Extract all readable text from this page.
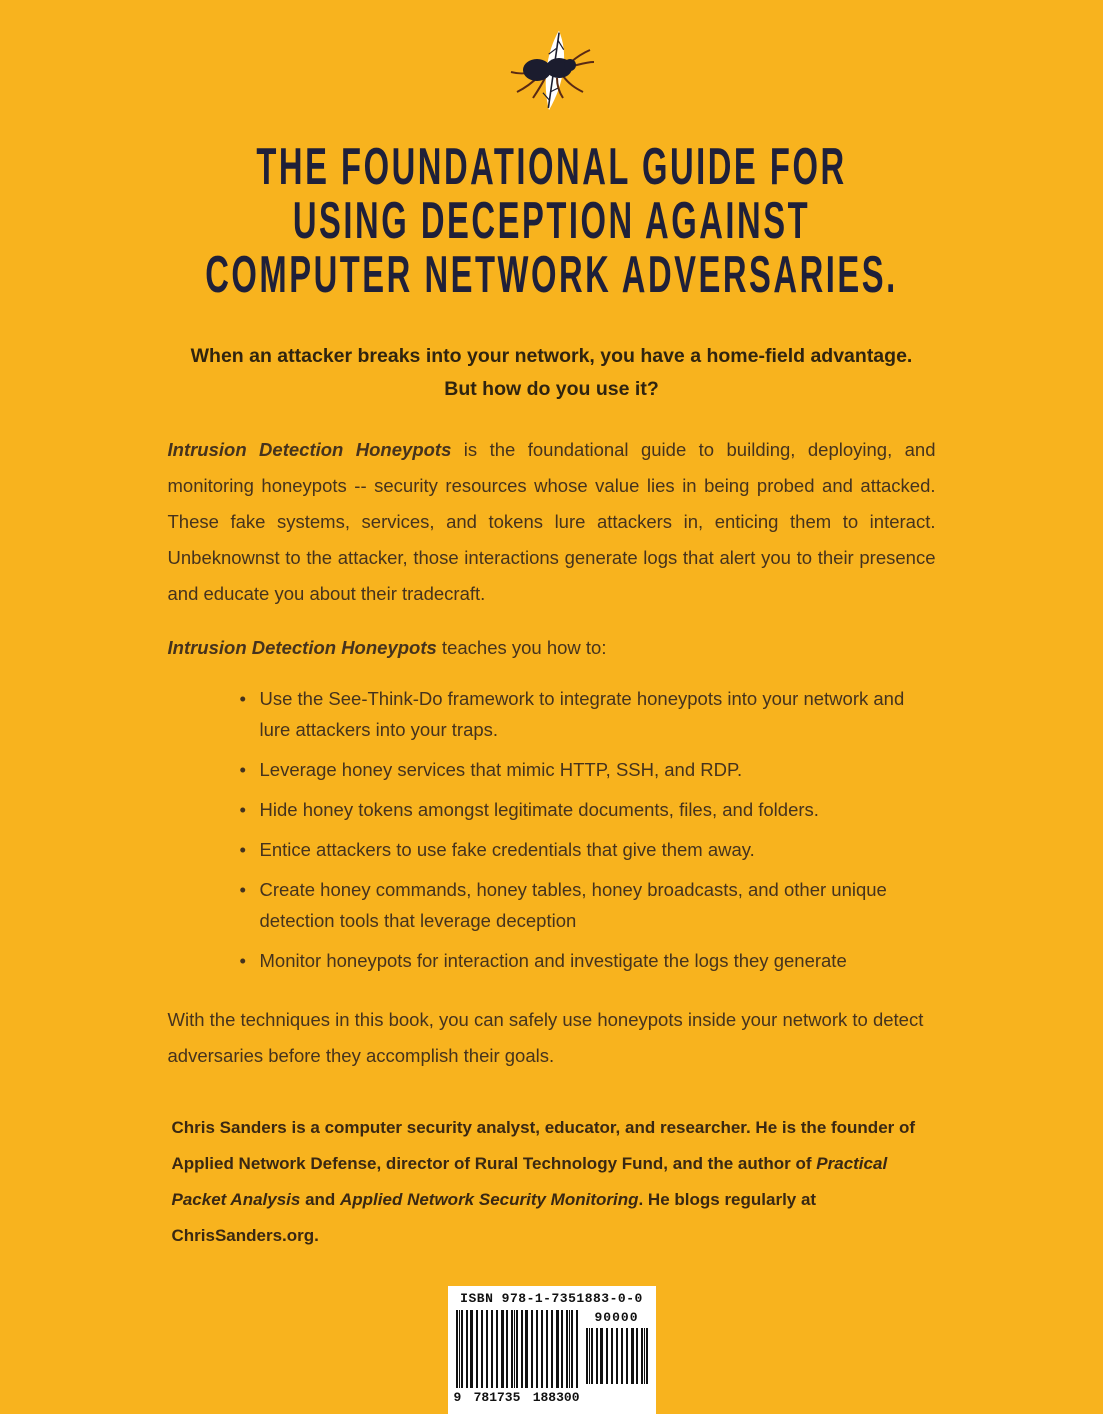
THE FOUNDATIONAL GUIDE FOR
USING DECEPTION AGAINST
COMPUTER NETWORK ADVERSARIES.
When an attacker breaks into your network, you have a home-field advantage.
But how do you use it?

Intrusion Detection Honeypots is the foundational guide to building, deploying, and monitoring honeypots -- security resources whose value lies in being probed and attacked. These fake systems, services, and tokens lure attackers in, enticing them to interact. Unbeknownst to the attacker, those interactions generate logs that alert you to their presence and educate you about their tradecraft.

Intrusion Detection Honeypots teaches you how to:

• Use the See-Think-Do framework to integrate honeypots into your network and lure attackers into your traps.
• Leverage honey services that mimic HTTP, SSH, and RDP.
• Hide honey tokens amongst legitimate documents, files, and folders.
• Entice attackers to use fake credentials that give them away.
• Create honey commands, honey tables, honey broadcasts, and other unique detection tools that leverage deception
• Monitor honeypots for interaction and investigate the logs they generate

With the techniques in this book, you can safely use honeypots inside your network to detect adversaries before they accomplish their goals.

Chris Sanders is a computer security analyst, educator, and researcher. He is the founder of Applied Network Defense, director of Rural Technology Fund, and the author of Practical Packet Analysis and Applied Network Security Monitoring. He blogs regularly at ChrisSanders.org.

ISBN 978-1-7351883-0-0
90000
9 781735 188300
